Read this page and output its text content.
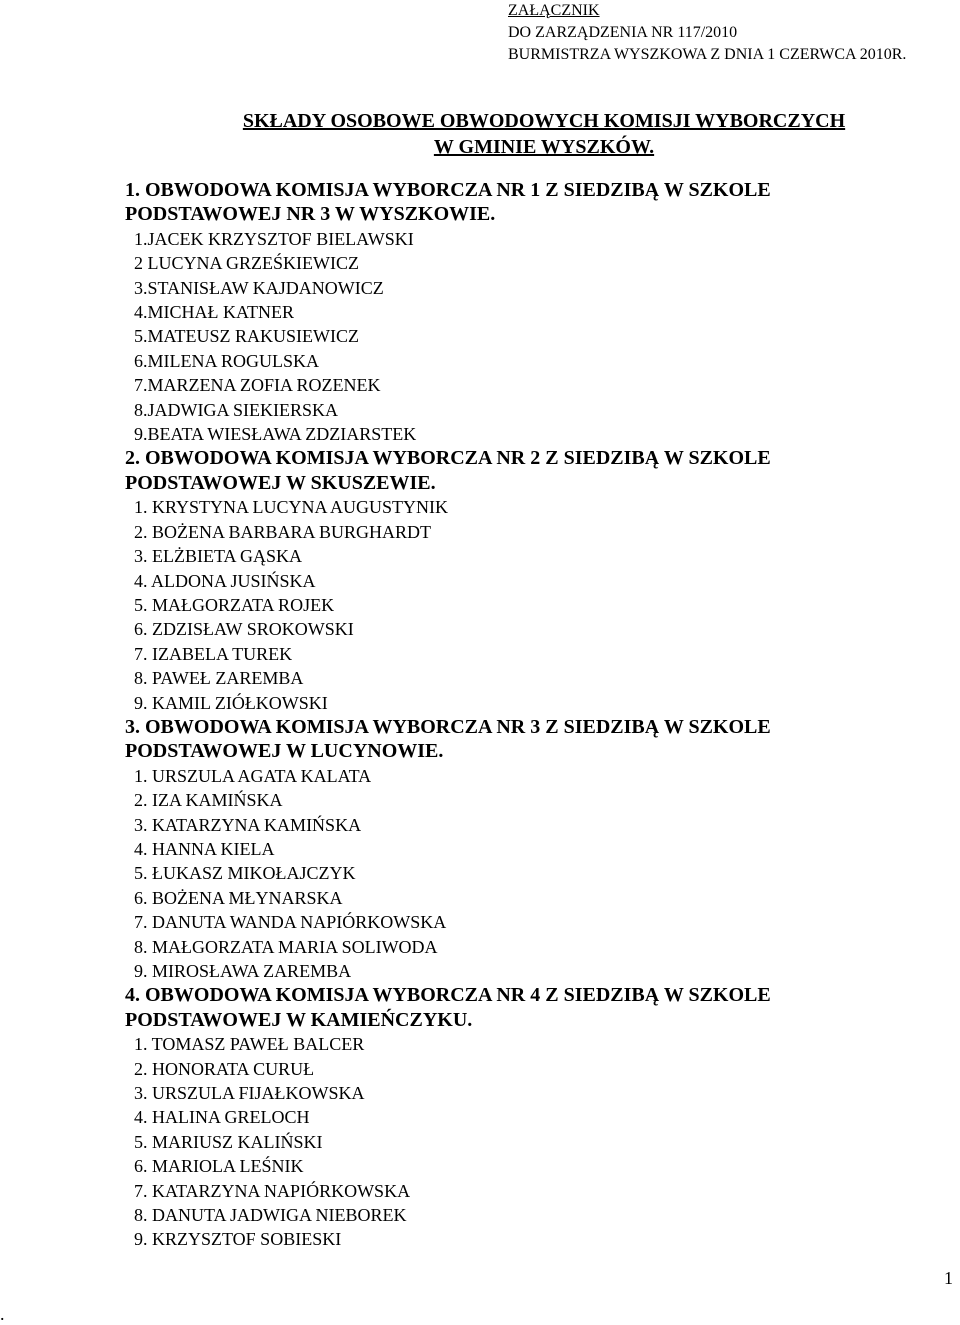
ZAŁĄCZNIK
DO ZARZĄDZENIA NR 117/2010
BURMISTRZA WYSZKOWA Z DNIA 1 CZERWCA 2010R.
SKŁADY OSOBOWE OBWODOWYCH KOMISJI WYBORCZYCH
W GMINIE WYSZKÓW.
1. OBWODOWA KOMISJA WYBORCZA NR 1 Z SIEDZIBĄ W SZKOLE
PODSTAWOWEJ NR 3 W WYSZKOWIE.
1.JACEK KRZYSZTOF BIELAWSKI
2 LUCYNA GRZEŚKIEWICZ
3.STANISŁAW KAJDANOWICZ
4.MICHAŁ KATNER
5.MATEUSZ RAKUSIEWICZ
6.MILENA ROGULSKA
7.MARZENA ZOFIA ROZENEK
8.JADWIGA SIEKIERSKA
9.BEATA WIESŁAWA ZDZIARSTEK
2. OBWODOWA KOMISJA WYBORCZA NR 2 Z SIEDZIBĄ W SZKOLE
PODSTAWOWEJ W SKUSZEWIE.
1. KRYSTYNA LUCYNA AUGUSTYNIK
2. BOŻENA BARBARA BURGHARDT
3. ELŻBIETA GĄSKA
4. ALDONA JUSIŃSKA
5. MAŁGORZATA ROJEK
6. ZDZISŁAW SROKOWSKI
7. IZABELA TUREK
8. PAWEŁ ZAREMBA
9. KAMIL ZIÓŁKOWSKI
3. OBWODOWA KOMISJA WYBORCZA NR 3 Z SIEDZIBĄ W SZKOLE
PODSTAWOWEJ W LUCYNOWIE.
1. URSZULA AGATA KALATA
2. IZA KAMIŃSKA
3. KATARZYNA KAMIŃSKA
4. HANNA KIELA
5. ŁUKASZ MIKOŁAJCZYK
6. BOŻENA MŁYNARSKA
7. DANUTA WANDA NAPIÓRKOWSKA
8. MAŁGORZATA MARIA SOLIWODA
9. MIROSŁAWA ZAREMBA
4. OBWODOWA KOMISJA WYBORCZA NR 4 Z SIEDZIBĄ W SZKOLE
PODSTAWOWEJ W KAMIEŃCZYKU.
1. TOMASZ PAWEŁ BALCER
2. HONORATA CURUŁ
3. URSZULA FIJAŁKOWSKA
4. HALINA GRELOCH
5. MARIUSZ KALIŃSKI
6. MARIOLA LEŚNIK
7. KATARZYNA NAPIÓRKOWSKA
8. DANUTA JADWIGA NIEBOREK
9. KRZYSZTOF SOBIESKI
1
.
